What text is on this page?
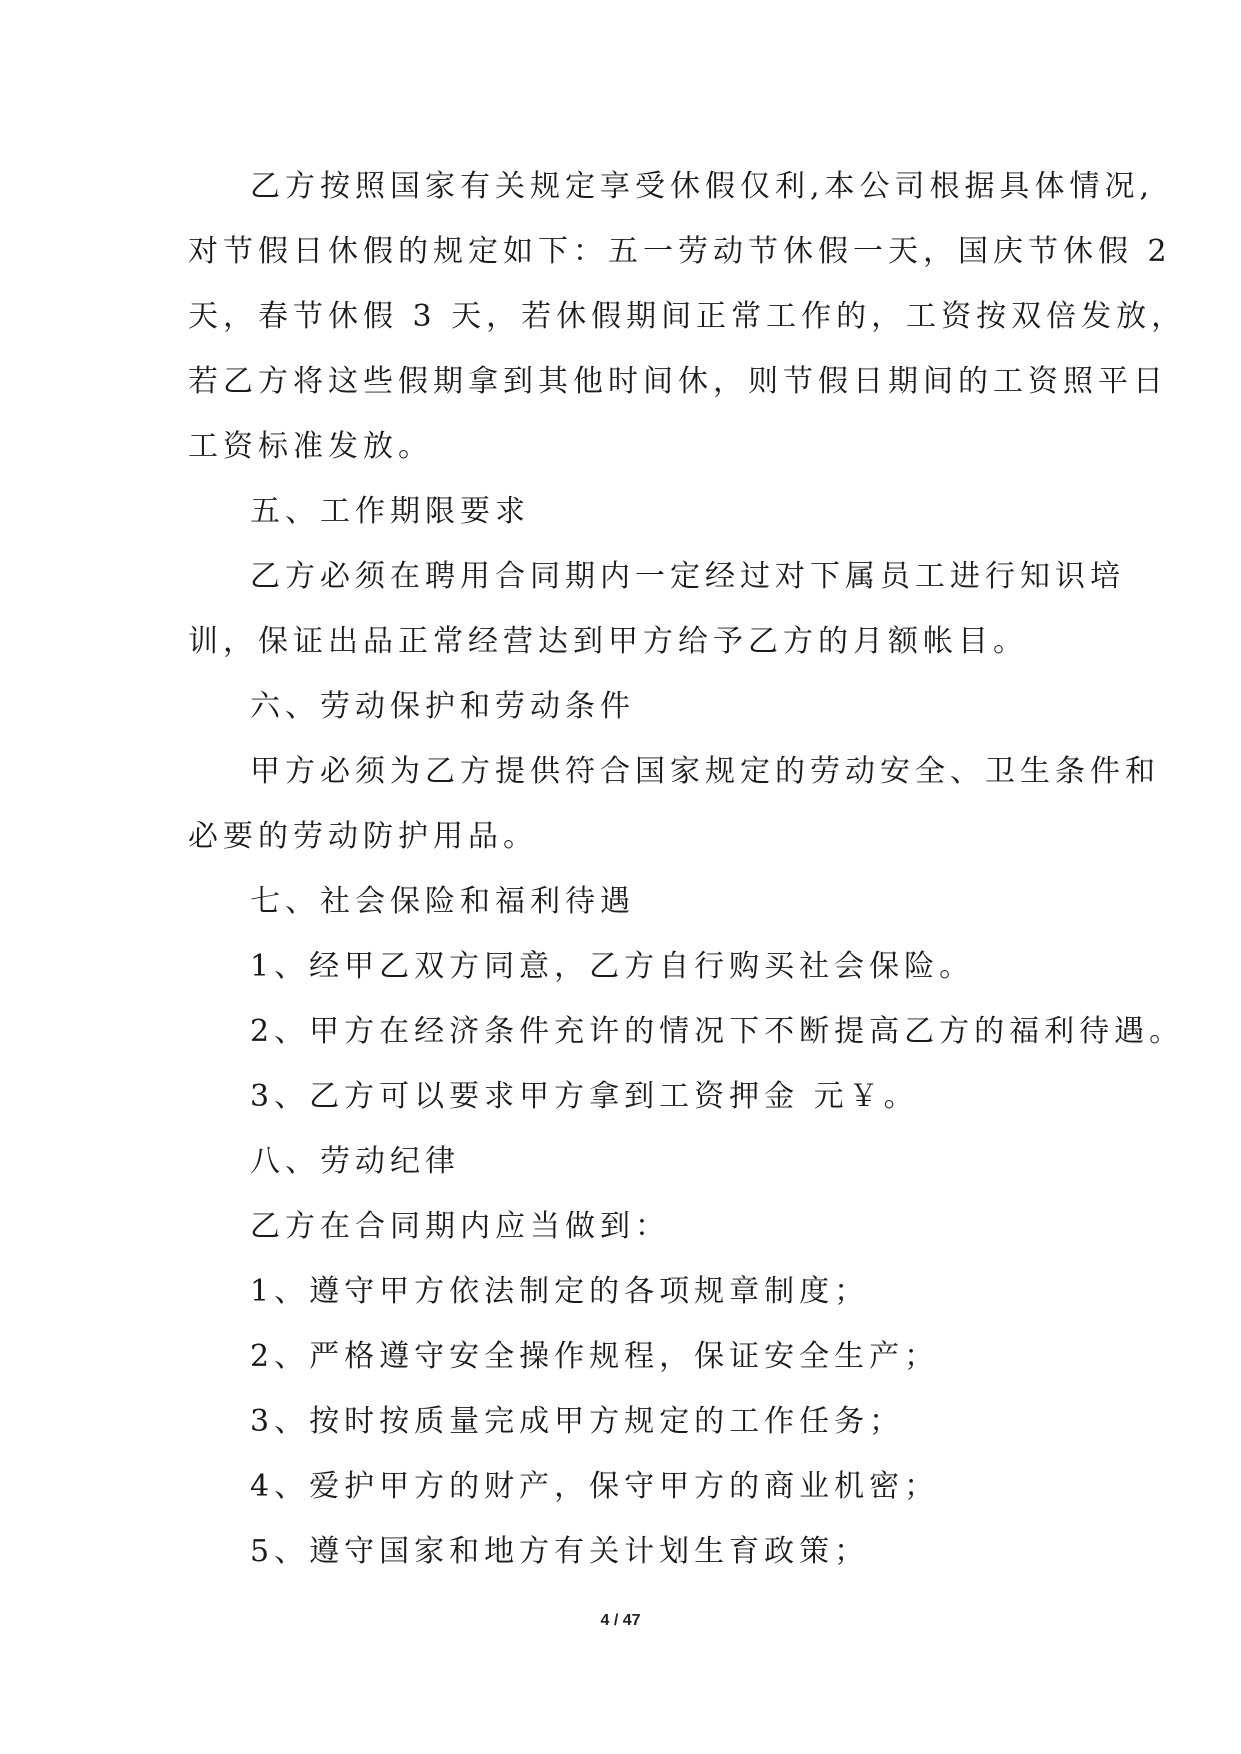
乙方按照国家有关规定享受休假仅利,本公司根据具体情况,
对节假日休假的规定如下：五一劳动节休假一天，国庆节休假 2
天，春节休假 3 天，若休假期间正常工作的，工资按双倍发放，
若乙方将这些假期拿到其他时间休，则节假日期间的工资照平日
工资标准发放。
五、工作期限要求
乙方必须在聘用合同期内一定经过对下属员工进行知识培
训，保证出品正常经营达到甲方给予乙方的月额帐目。
六、劳动保护和劳动条件
甲方必须为乙方提供符合国家规定的劳动安全、卫生条件和
必要的劳动防护用品。
七、社会保险和福利待遇
1、经甲乙双方同意，乙方自行购买社会保险。
2、甲方在经济条件充许的情况下不断提高乙方的福利待遇。
3、乙方可以要求甲方拿到工资押金 元￥。
八、劳动纪律
乙方在合同期内应当做到：
1、遵守甲方依法制定的各项规章制度；
2、严格遵守安全操作规程，保证安全生产；
3、按时按质量完成甲方规定的工作任务；
4、爱护甲方的财产，保守甲方的商业机密；
5、遵守国家和地方有关计划生育政策；
4 / 47
